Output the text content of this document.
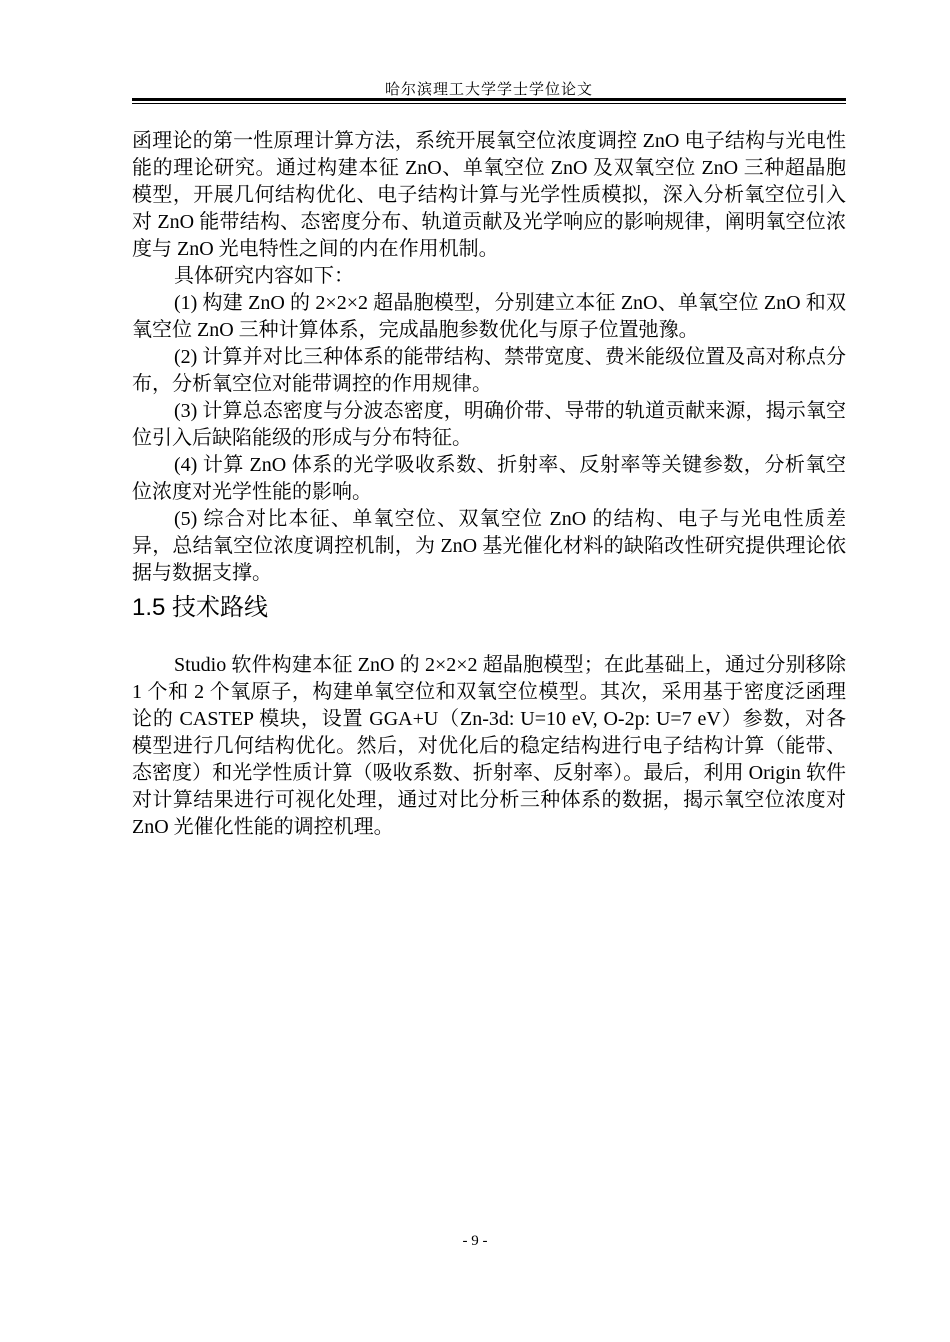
哈尔滨理工大学学士学位论文

函理论的第一性原理计算方法，系统开展氧空位浓度调控 ZnO 电子结构与光电性能的理论研究。通过构建本征 ZnO、单氧空位 ZnO 及双氧空位 ZnO 三种超晶胞模型，开展几何结构优化、电子结构计算与光学性质模拟，深入分析氧空位引入对 ZnO 能带结构、态密度分布、轨道贡献及光学响应的影响规律，阐明氧空位浓度与 ZnO 光电特性之间的内在作用机制。

具体研究内容如下：

(1) 构建 ZnO 的 2×2×2 超晶胞模型，分别建立本征 ZnO、单氧空位 ZnO 和双氧空位 ZnO 三种计算体系，完成晶胞参数优化与原子位置弛豫。

(2) 计算并对比三种体系的能带结构、禁带宽度、费米能级位置及高对称点分布，分析氧空位对能带调控的作用规律。

(3) 计算总态密度与分波态密度，明确价带、导带的轨道贡献来源，揭示氧空位引入后缺陷能级的形成与分布特征。

(4) 计算 ZnO 体系的光学吸收系数、折射率、反射率等关键参数，分析氧空位浓度对光学性能的影响。

(5) 综合对比本征、单氧空位、双氧空位 ZnO 的结构、电子与光电性质差异，总结氧空位浓度调控机制，为 ZnO 基光催化材料的缺陷改性研究提供理论依据与数据支撑。

1.5 技术路线

Studio 软件构建本征 ZnO 的 2×2×2 超晶胞模型；在此基础上，通过分别移除 1 个和 2 个氧原子，构建单氧空位和双氧空位模型。其次，采用基于密度泛函理论的 CASTEP 模块，设置 GGA+U（Zn-3d: U=10 eV, O-2p: U=7 eV）参数，对各模型进行几何结构优化。然后，对优化后的稳定结构进行电子结构计算（能带、态密度）和光学性质计算（吸收系数、折射率、反射率）。最后，利用 Origin 软件对计算结果进行可视化处理，通过对比分析三种体系的数据，揭示氧空位浓度对 ZnO 光催化性能的调控机理。

- 9 -
